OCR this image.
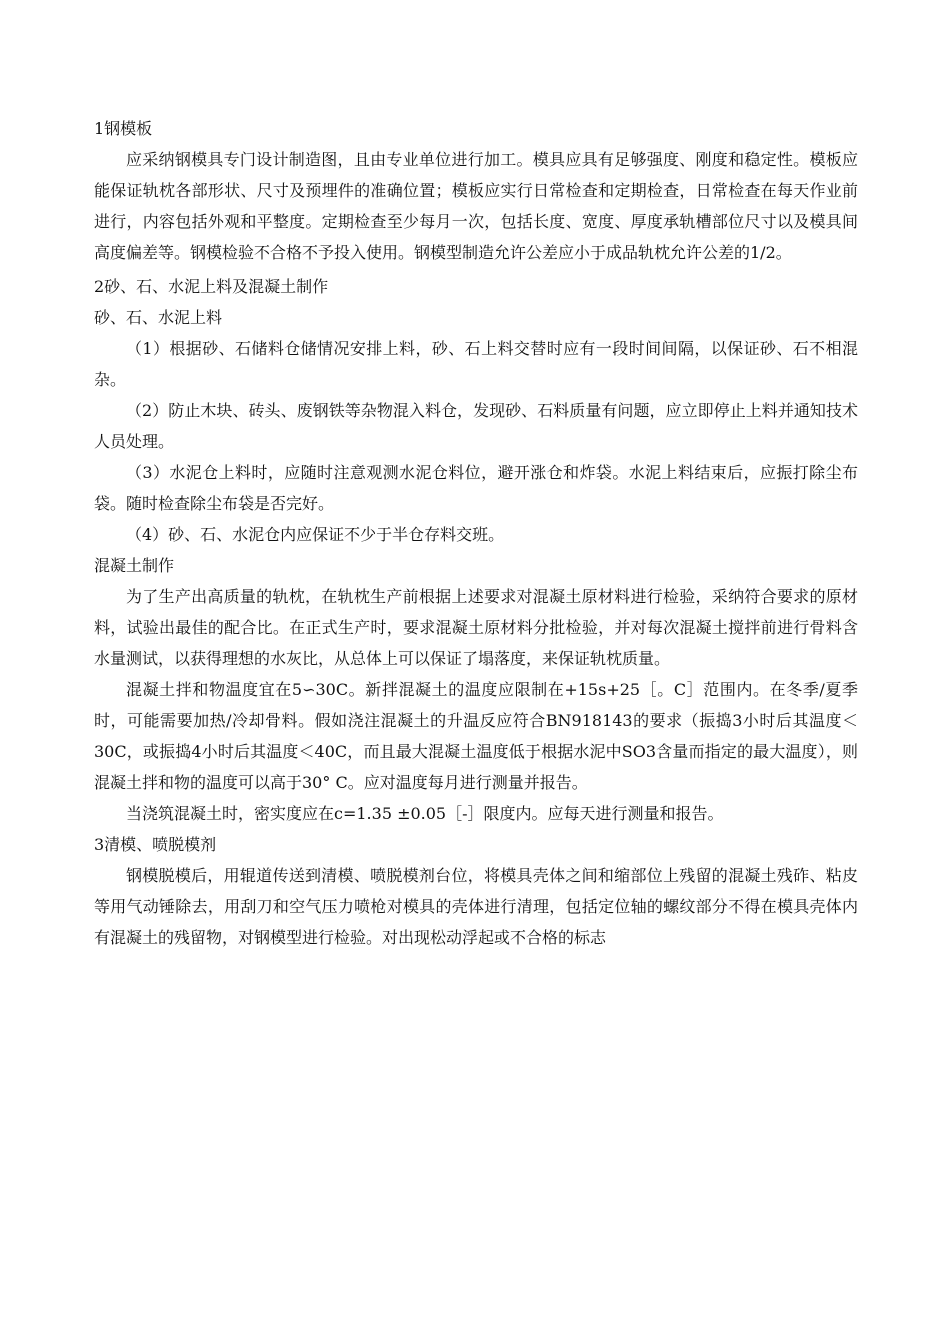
1钢模板

应采纳钢模具专门设计制造图，且由专业单位进行加工。模具应具有足够强度、刚度和稳定性。模板应能保证轨枕各部形状、尺寸及预埋件的准确位置；模板应实行日常检查和定期检查，日常检查在每天作业前进行，内容包括外观和平整度。定期检查至少每月一次，包括长度、宽度、厚度承轨槽部位尺寸以及模具间高度偏差等。钢模检验不合格不予投入使用。钢模型制造允许公差应小于成品轨枕允许公差的1/2。

2砂、石、水泥上料及混凝土制作

砂、石、水泥上料

（1）根据砂、石储料仓储情况安排上料，砂、石上料交替时应有一段时间间隔，以保证砂、石不相混杂。

（2）防止木块、砖头、废钢铁等杂物混入料仓，发现砂、石料质量有问题，应立即停止上料并通知技术人员处理。

（3）水泥仓上料时，应随时注意观测水泥仓料位，避开涨仓和炸袋。水泥上料结束后，应振打除尘布袋。随时检查除尘布袋是否完好。

（4）砂、石、水泥仓内应保证不少于半仓存料交班。

混凝土制作

为了生产出高质量的轨枕，在轨枕生产前根据上述要求对混凝土原材料进行检验，采纳符合要求的原材料，试验出最佳的配合比。在正式生产时，要求混凝土原材料分批检验，并对每次混凝土搅拌前进行骨料含水量测试，以获得理想的水灰比，从总体上可以保证了塌落度，来保证轨枕质量。

混凝土拌和物温度宜在5∽30C。新拌混凝土的温度应限制在+15s+25［。C］范围内。在冬季/夏季时，可能需要加热/冷却骨料。假如浇注混凝土的升温反应符合BN918143的要求（振捣3小时后其温度＜30C，或振捣4小时后其温度＜40C，而且最大混凝土温度低于根据水泥中SO3含量而指定的最大温度），则混凝土拌和物的温度可以高于30° C。应对温度每月进行测量并报告。

当浇筑混凝土时，密实度应在c=1.35 ±0.05［-］限度内。应每天进行测量和报告。

3清模、喷脱模剂

钢模脱模后，用辊道传送到清模、喷脱模剂台位，将模具壳体之间和缩部位上残留的混凝土残砟、粘皮等用气动锤除去，用刮刀和空气压力喷枪对模具的壳体进行清理，包括定位轴的螺纹部分不得在模具壳体内有混凝土的残留物，对钢模型进行检验。对出现松动浮起或不合格的标志
